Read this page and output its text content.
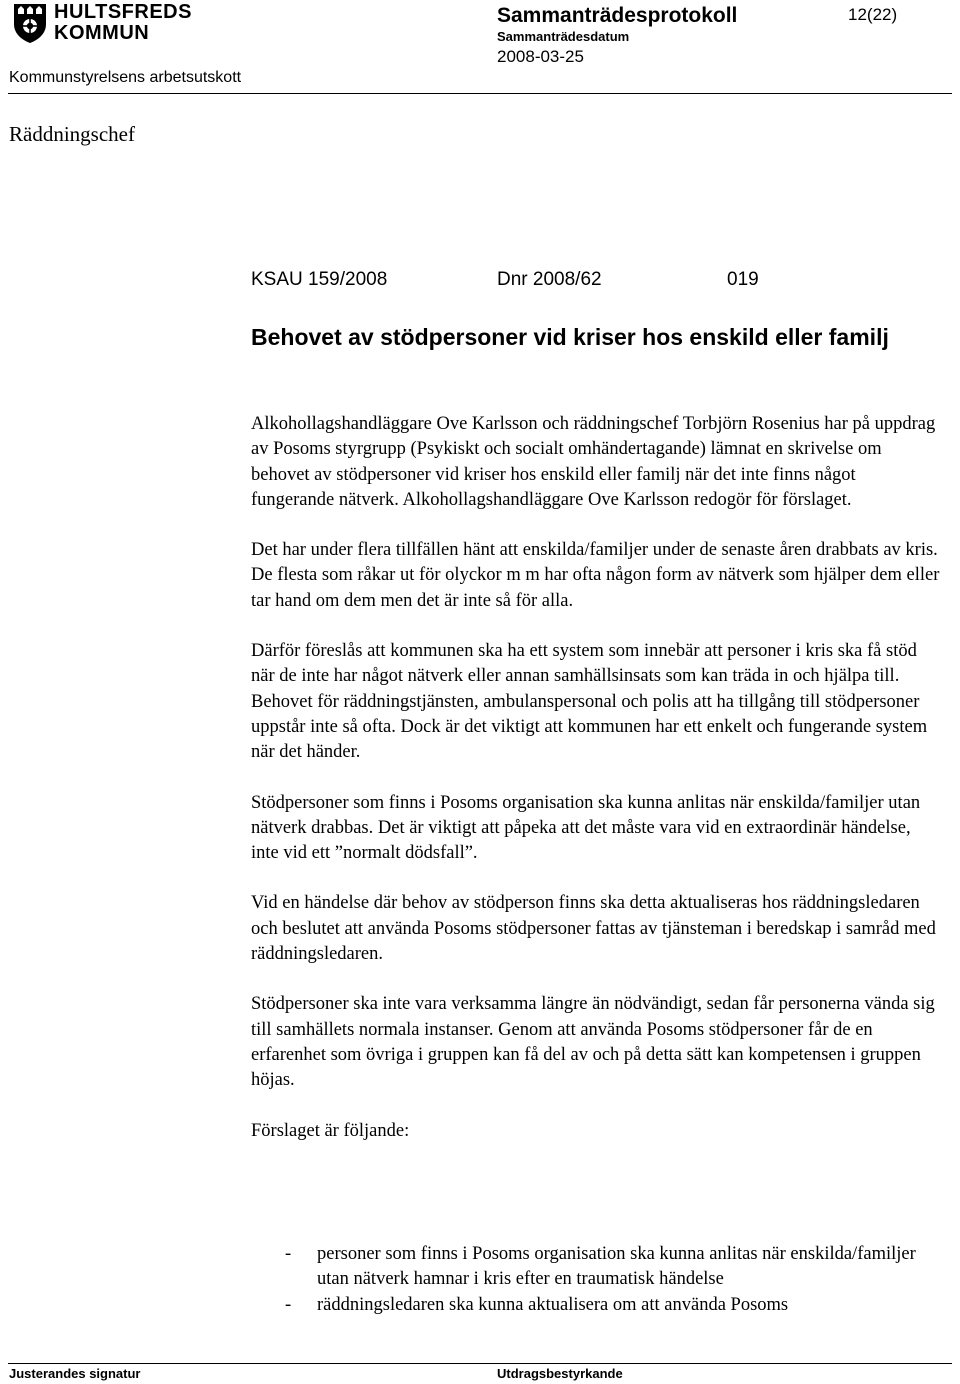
HULTSFREDS
KOMMUN
Sammanträdesprotokoll	12(22)
Sammanträdesdatum
2008-03-25
Kommunstyrelsens arbetsutskott
Räddningschef
KSAU 159/2008	Dnr 2008/62	019
Behovet av stödpersoner vid kriser hos enskild eller familj

Alkohollagshandläggare Ove Karlsson och räddningschef Torbjörn Rosenius har på uppdrag av Posoms styrgrupp (Psykiskt och socialt omhändertagande) lämnat en skrivelse om behovet av stödpersoner vid kriser hos enskild eller familj när det inte finns något fungerande nätverk. Alkohollagshandläggare Ove Karlsson redogör för förslaget.

Det har under flera tillfällen hänt att enskilda/familjer under de senaste åren drabbats av kris. De flesta som råkar ut för olyckor m m har ofta någon form av nätverk som hjälper dem eller tar hand om dem men det är inte så för alla.

Därför föreslås att kommunen ska ha ett system som innebär att personer i kris ska få stöd när de inte har något nätverk eller annan samhällsinsats som kan träda in och hjälpa till. Behovet för räddningstjänsten, ambulanspersonal och polis att ha tillgång till stödpersoner uppstår inte så ofta. Dock är det viktigt att kommunen har ett enkelt och fungerande system när det händer.

Stödpersoner som finns i Posoms organisation ska kunna anlitas när enskilda/familjer utan nätverk drabbas. Det är viktigt att påpeka att det måste vara vid en extraordinär händelse, inte vid ett ”normalt dödsfall”.

Vid en händelse där behov av stödperson finns ska detta aktualiseras hos räddningsledaren och beslutet att använda Posoms stödpersoner fattas av tjänsteman i beredskap i samråd med räddningsledaren.

Stödpersoner ska inte vara verksamma längre än nödvändigt, sedan får personerna vända sig till samhällets normala instanser. Genom att använda Posoms stödpersoner får de en erfarenhet som övriga i gruppen kan få del av och på detta sätt kan kompetensen i gruppen höjas.

Förslaget är följande:

- personer som finns i Posoms organisation ska kunna anlitas när enskilda/familjer utan nätverk hamnar i kris efter en traumatisk händelse
- räddningsledaren ska kunna aktualisera om att använda Posoms
Justerandes signatur	Utdragsbestyrkande
